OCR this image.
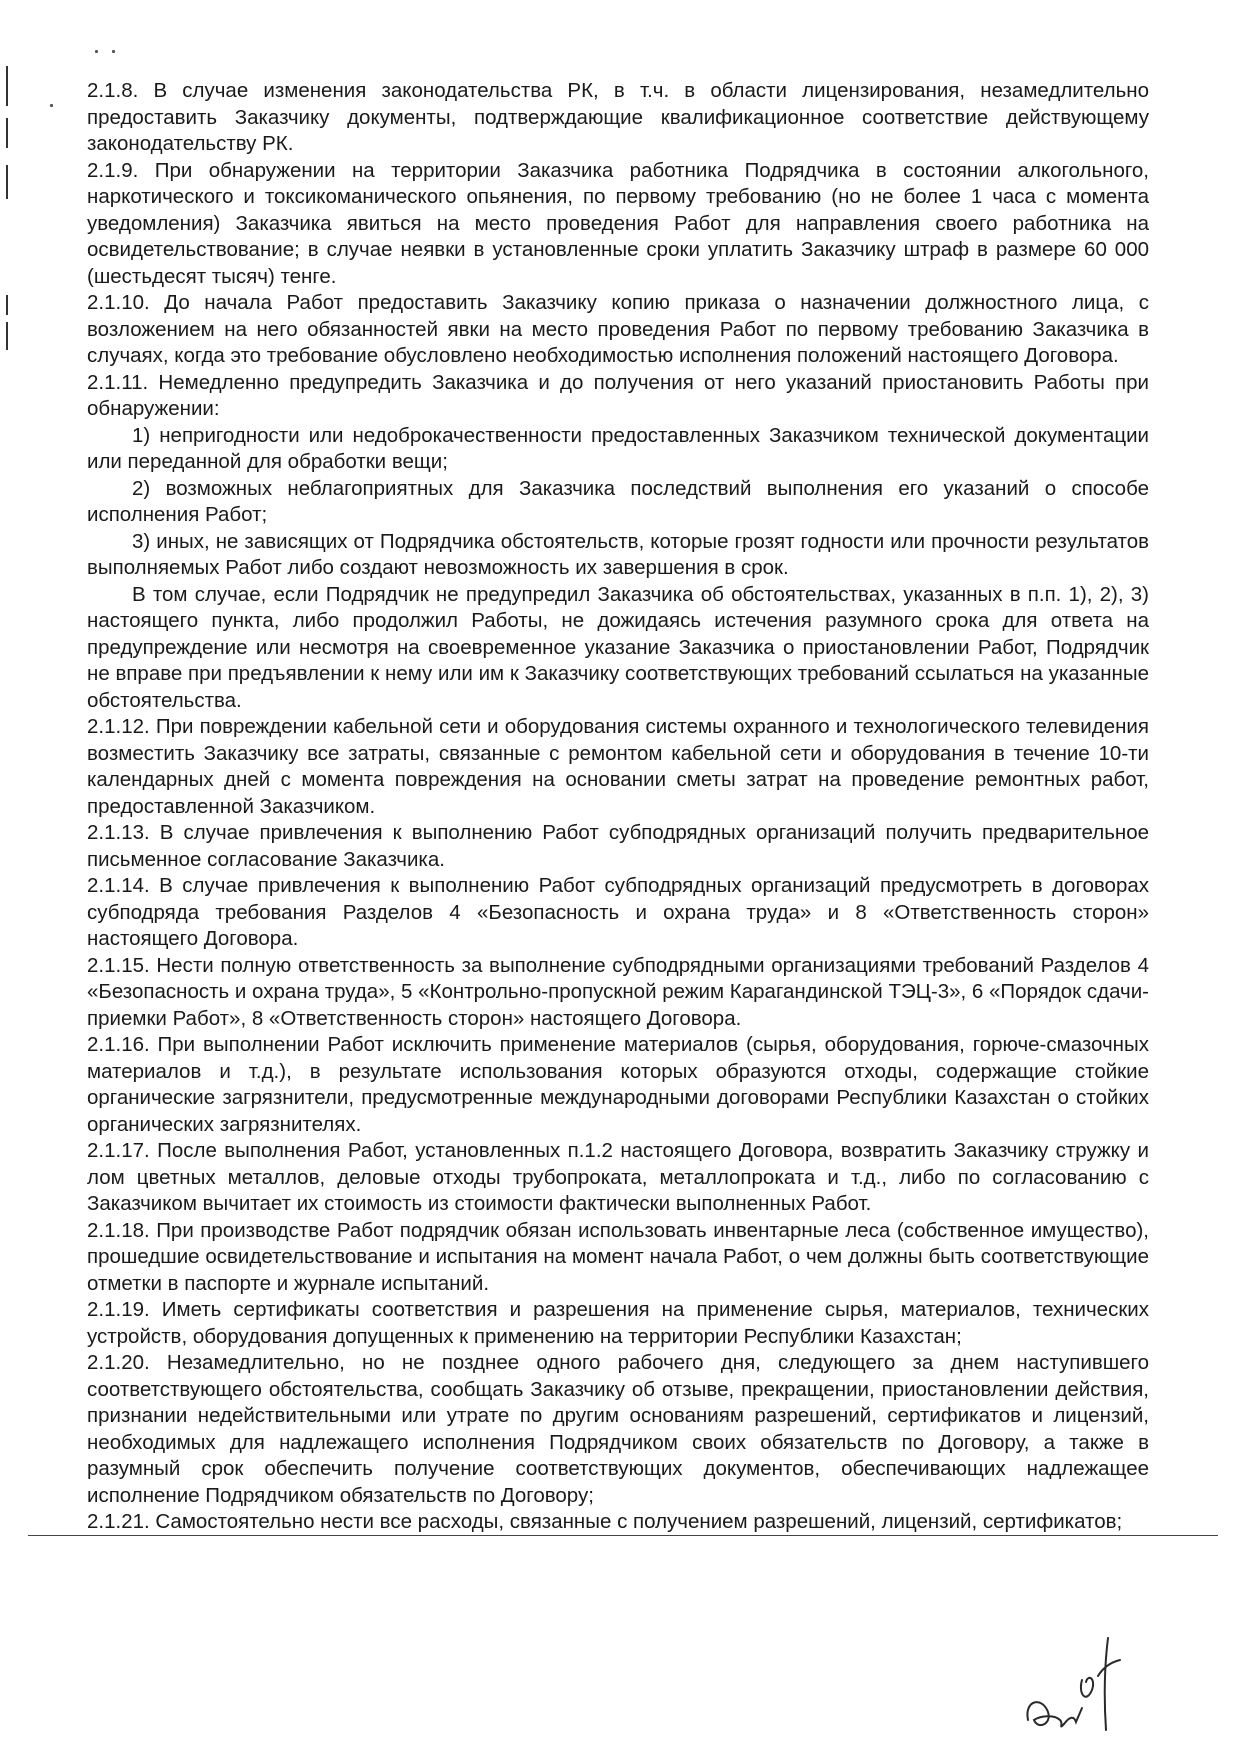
2.1.8. В случае изменения законодательства РК, в т.ч. в области лицензирования, незамедлительно предоставить Заказчику документы, подтверждающие квалификационное соответствие действующему законодательству РК.

2.1.9. При обнаружении на территории Заказчика работника Подрядчика в состоянии алкогольного, наркотического и токсикоманического опьянения, по первому требованию (но не более 1 часа с момента уведомления) Заказчика явиться на место проведения Работ для направления своего работника на освидетельствование; в случае неявки в установленные сроки уплатить Заказчику штраф в размере 60 000 (шестьдесят тысяч) тенге.

2.1.10. До начала Работ предоставить Заказчику копию приказа о назначении должностного лица, с возложением на него обязанностей явки на место проведения Работ по первому требованию Заказчика в случаях, когда это требование обусловлено необходимостью исполнения положений настоящего Договора.

2.1.11. Немедленно предупредить Заказчика и до получения от него указаний приостановить Работы при обнаружении:

1) непригодности или недоброкачественности предоставленных Заказчиком технической документации или переданной для обработки вещи;

2) возможных неблагоприятных для Заказчика последствий выполнения его указаний о способе исполнения Работ;

3) иных, не зависящих от Подрядчика обстоятельств, которые грозят годности или прочности результатов выполняемых Работ либо создают невозможность их завершения в срок.

В том случае, если Подрядчик не предупредил Заказчика об обстоятельствах, указанных в п.п. 1), 2), 3) настоящего пункта, либо продолжил Работы, не дожидаясь истечения разумного срока для ответа на предупреждение или несмотря на своевременное указание Заказчика о приостановлении Работ, Подрядчик не вправе при предъявлении к нему или им к Заказчику соответствующих требований ссылаться на указанные обстоятельства.

2.1.12. При повреждении кабельной сети и оборудования системы охранного и технологического телевидения возместить Заказчику все затраты, связанные с ремонтом кабельной сети и оборудования в течение 10-ти календарных дней с момента повреждения на основании сметы затрат на проведение ремонтных работ, предоставленной Заказчиком.

2.1.13. В случае привлечения к выполнению Работ субподрядных организаций получить предварительное письменное согласование Заказчика.

2.1.14. В случае привлечения к выполнению Работ субподрядных организаций предусмотреть в договорах субподряда требования Разделов 4 «Безопасность и охрана труда» и 8 «Ответственность сторон» настоящего Договора.

2.1.15. Нести полную ответственность за выполнение субподрядными организациями требований Разделов 4 «Безопасность и охрана труда», 5 «Контрольно-пропускной режим Карагандинской ТЭЦ-3», 6 «Порядок сдачи-приемки Работ», 8 «Ответственность сторон» настоящего Договора.

2.1.16. При выполнении Работ исключить применение материалов (сырья, оборудования, горюче-смазочных материалов и т.д.), в результате использования которых образуются отходы, содержащие стойкие органические загрязнители, предусмотренные международными договорами Республики Казахстан о стойких органических загрязнителях.

2.1.17. После выполнения Работ, установленных п.1.2 настоящего Договора, возвратить Заказчику стружку и лом цветных металлов, деловые отходы трубопроката, металлопроката и т.д., либо по согласованию с Заказчиком вычитает их стоимость из стоимости фактически выполненных Работ.

2.1.18. При производстве Работ подрядчик обязан использовать инвентарные леса (собственное имущество), прошедшие освидетельствование и испытания на момент начала Работ, о чем должны быть соответствующие отметки в паспорте и журнале испытаний.

2.1.19. Иметь сертификаты соответствия и разрешения на применение сырья, материалов, технических устройств, оборудования допущенных к применению на территории Республики Казахстан;

2.1.20. Незамедлительно, но не позднее одного рабочего дня, следующего за днем наступившего соответствующего обстоятельства, сообщать Заказчику об отзыве, прекращении, приостановлении действия, признании недействительными или утрате по другим основаниям разрешений, сертификатов и лицензий, необходимых для надлежащего исполнения Подрядчиком своих обязательств по Договору, а также в разумный срок обеспечить получение соответствующих документов, обеспечивающих надлежащее исполнение Подрядчиком обязательств по Договору;

2.1.21. Самостоятельно нести все расходы, связанные с получением разрешений, лицензий, сертификатов;
